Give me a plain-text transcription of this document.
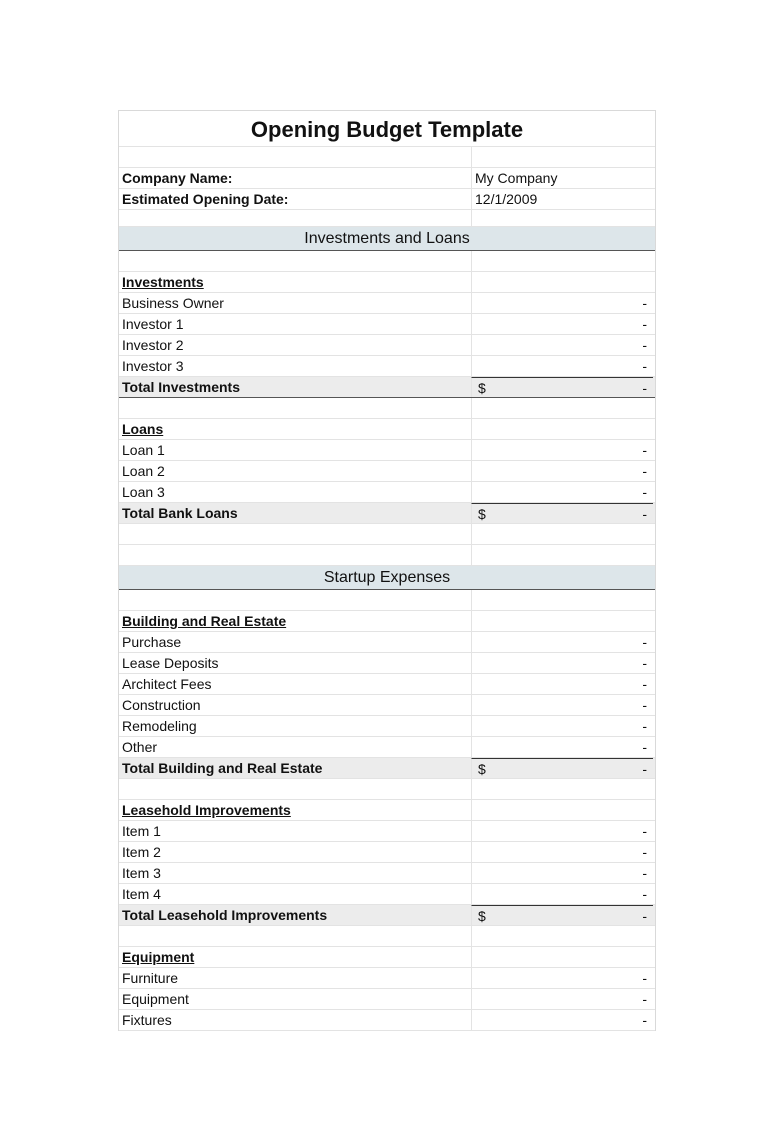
Opening Budget Template
Company Name:	My Company
Estimated Opening Date:	12/1/2009
Investments and Loans
Investments
Business Owner	-
Investor 1	-
Investor 2	-
Investor 3	-
Total Investments	$	-
Loans
Loan 1	-
Loan 2	-
Loan 3	-
Total Bank Loans	$	-
Startup Expenses
Building and Real Estate
Purchase	-
Lease Deposits	-
Architect Fees	-
Construction	-
Remodeling	-
Other	-
Total Building and Real Estate	$	-
Leasehold Improvements
Item 1	-
Item 2	-
Item 3	-
Item 4	-
Total Leasehold Improvements	$	-
Equipment
Furniture	-
Equipment	-
Fixtures	-
